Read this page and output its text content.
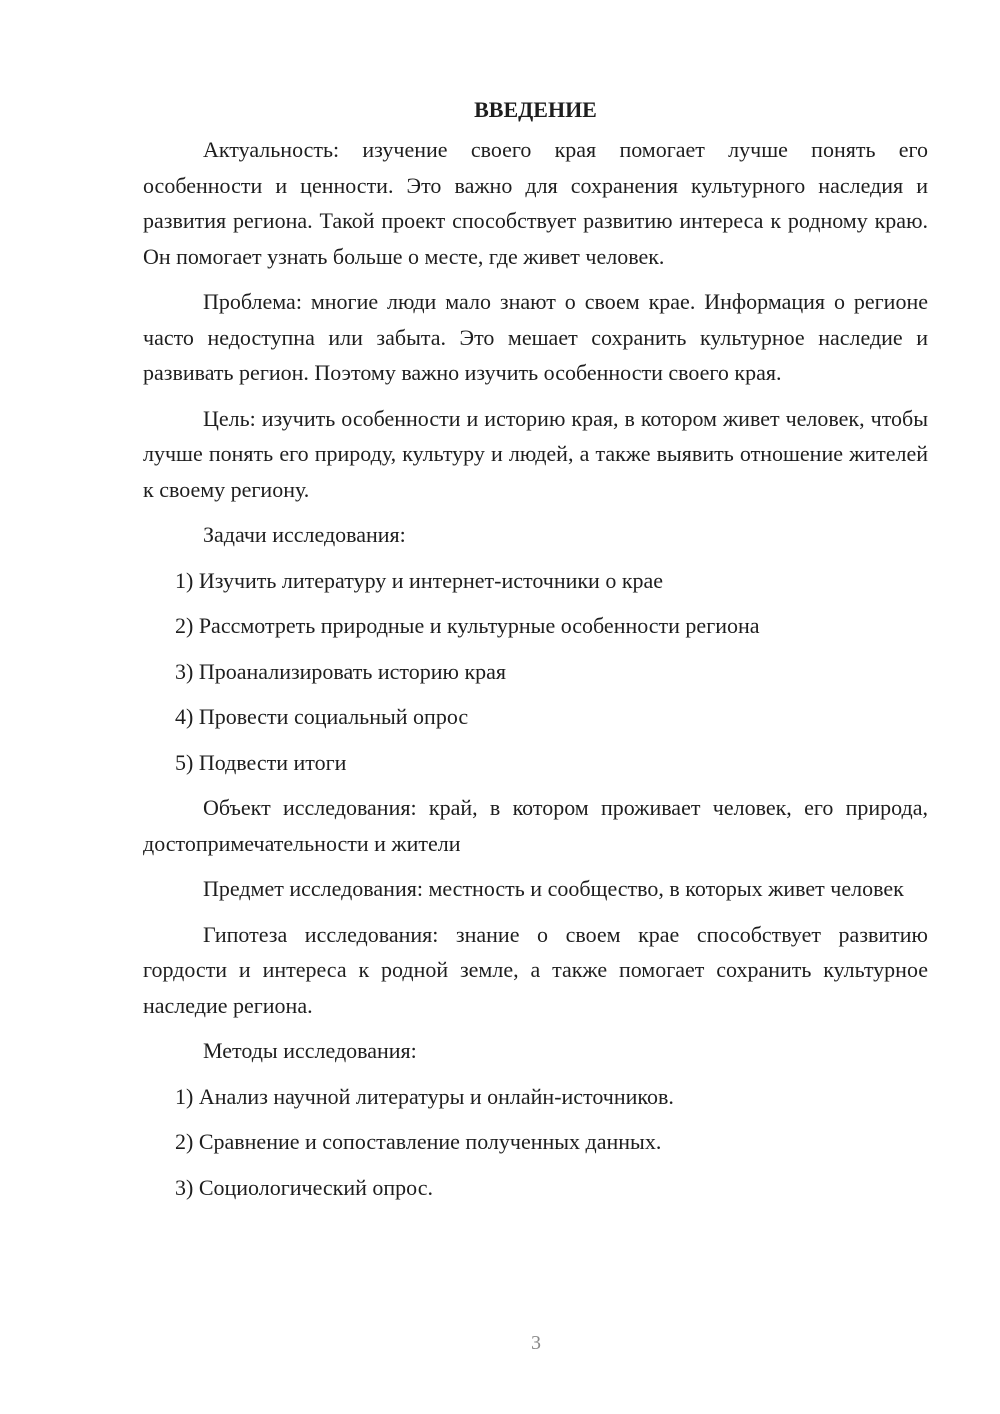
ВВЕДЕНИЕ

Актуальность: изучение своего края помогает лучше понять его особенности и ценности. Это важно для сохранения культурного наследия и развития региона. Такой проект способствует развитию интереса к родному краю. Он помогает узнать больше о месте, где живет человек.

Проблема: многие люди мало знают о своем крае. Информация о регионе часто недоступна или забыта. Это мешает сохранить культурное наследие и развивать регион. Поэтому важно изучить особенности своего края.

Цель: изучить особенности и историю края, в котором живет человек, чтобы лучше понять его природу, культуру и людей, а также выявить отношение жителей к своему региону.

Задачи исследования:

1) Изучить литературу и интернет-источники о крае
2) Рассмотреть природные и культурные особенности региона
3) Проанализировать историю края
4) Провести социальный опрос
5) Подвести итоги

Объект исследования: край, в котором проживает человек, его природа, достопримечательности и жители

Предмет исследования: местность и сообщество, в которых живет человек

Гипотеза исследования: знание о своем крае способствует развитию гордости и интереса к родной земле, а также помогает сохранить культурное наследие региона.

Методы исследования:

1) Анализ научной литературы и онлайн-источников.
2) Сравнение и сопоставление полученных данных.
3) Социологический опрос.
3
